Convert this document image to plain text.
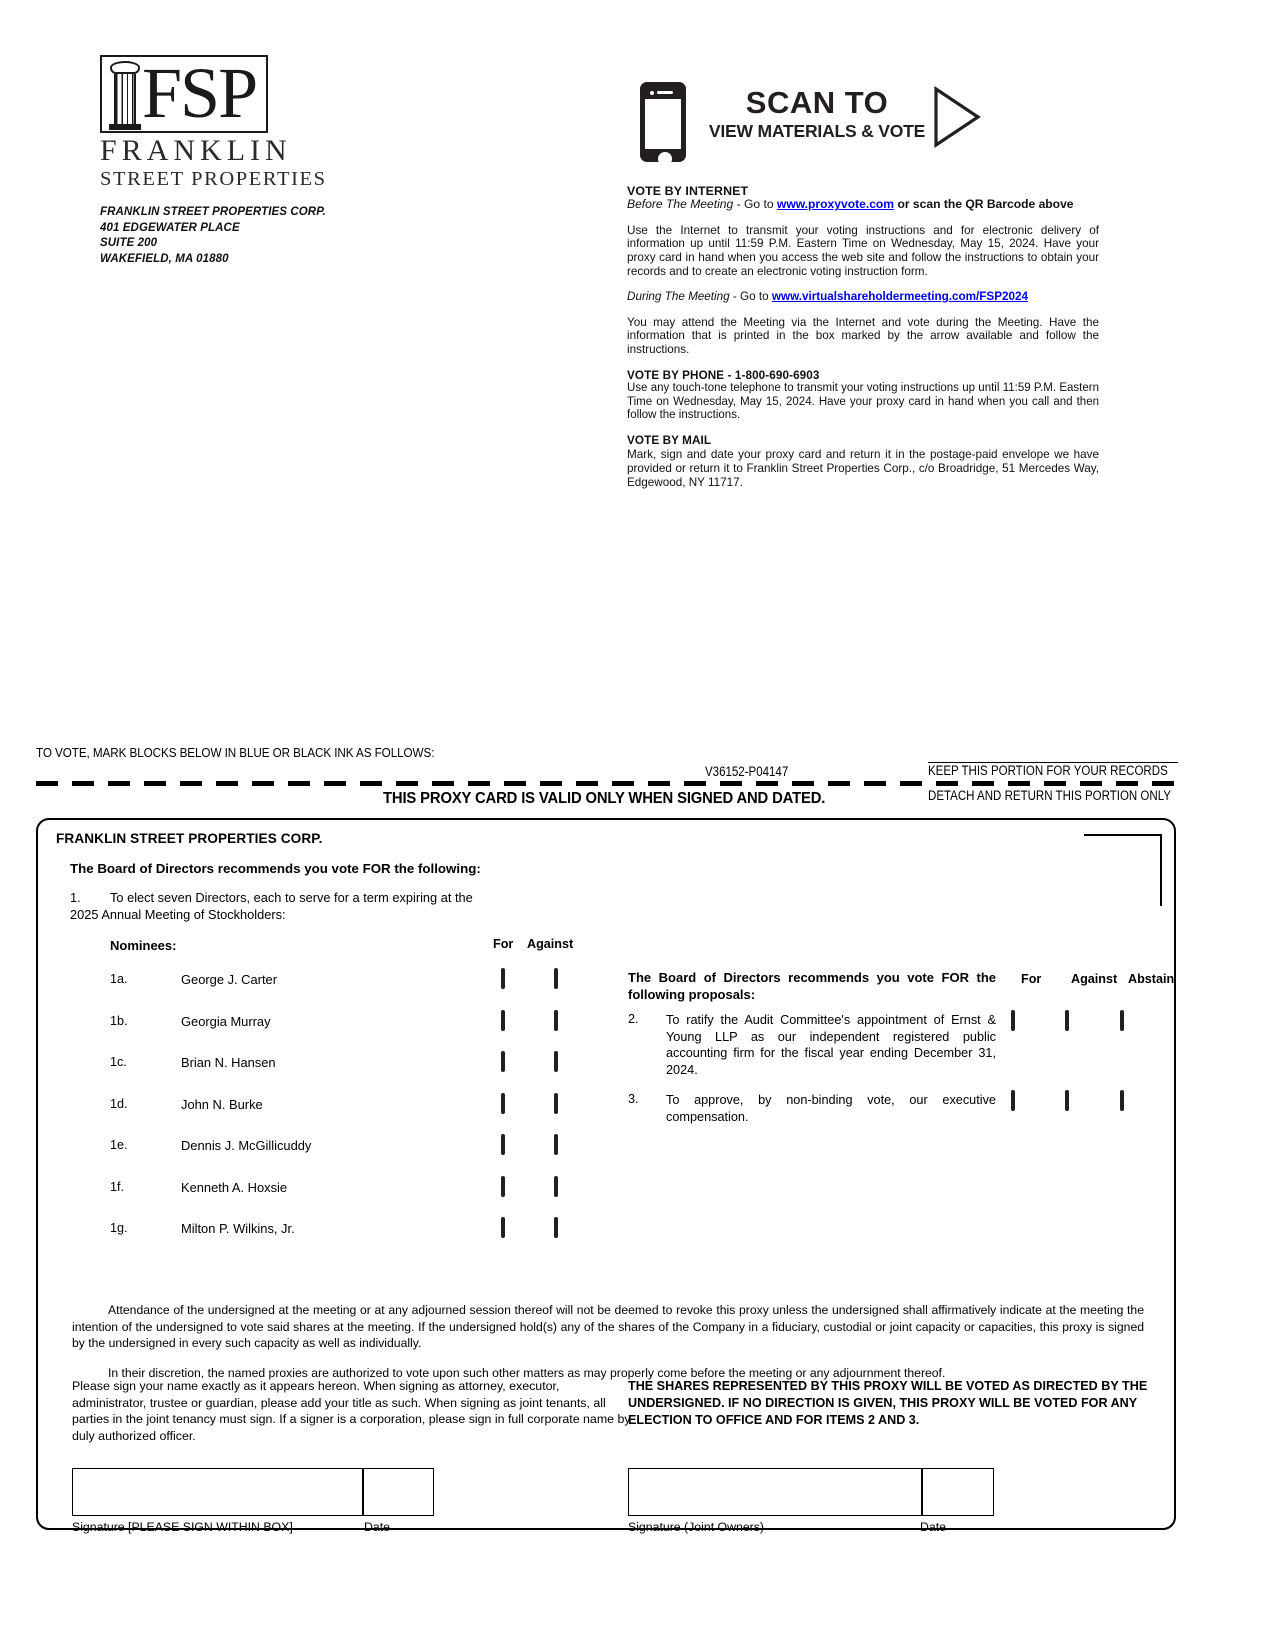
FSP
FRANKLIN
STREET PROPERTIES
FRANKLIN STREET PROPERTIES CORP.
401 EDGEWATER PLACE
SUITE 200
WAKEFIELD, MA 01880
SCAN TO
VIEW MATERIALS & VOTE
VOTE BY INTERNET
Before The Meeting - Go to www.proxyvote.com or scan the QR Barcode above
Use the Internet to transmit your voting instructions and for electronic delivery of information up until 11:59 P.M. Eastern Time on Wednesday, May 15, 2024. Have your proxy card in hand when you access the web site and follow the instructions to obtain your records and to create an electronic voting instruction form.
During The Meeting - Go to www.virtualshareholdermeeting.com/FSP2024
You may attend the Meeting via the Internet and vote during the Meeting. Have the information that is printed in the box marked by the arrow available and follow the instructions.
VOTE BY PHONE - 1-800-690-6903
Use any touch-tone telephone to transmit your voting instructions up until 11:59 P.M. Eastern Time on Wednesday, May 15, 2024. Have your proxy card in hand when you call and then follow the instructions.
VOTE BY MAIL
Mark, sign and date your proxy card and return it in the postage-paid envelope we have provided or return it to Franklin Street Properties Corp., c/o Broadridge, 51 Mercedes Way, Edgewood, NY 11717.
TO VOTE, MARK BLOCKS BELOW IN BLUE OR BLACK INK AS FOLLOWS:
V36152-P04147	KEEP THIS PORTION FOR YOUR RECORDS
THIS PROXY CARD IS VALID ONLY WHEN SIGNED AND DATED.	DETACH AND RETURN THIS PORTION ONLY
FRANKLIN STREET PROPERTIES CORP.
The Board of Directors recommends you vote FOR the following:
1. To elect seven Directors, each to serve for a term expiring at the 2025 Annual Meeting of Stockholders:
Nominees:	For Against
1a.	George J. Carter
1b.	Georgia Murray
1c.	Brian N. Hansen
1d.	John N. Burke
1e.	Dennis J. McGillicuddy
1f.	Kenneth A. Hoxsie
1g.	Milton P. Wilkins, Jr.
The Board of Directors recommends you vote FOR the following proposals:
For Against Abstain
2. To ratify the Audit Committee's appointment of Ernst & Young LLP as our independent registered public accounting firm for the fiscal year ending December 31, 2024.
3. To approve, by non-binding vote, our executive compensation.

Attendance of the undersigned at the meeting or at any adjourned session thereof will not be deemed to revoke this proxy unless the undersigned shall affirmatively indicate at the meeting the intention of the undersigned to vote said shares at the meeting. If the undersigned hold(s) any of the shares of the Company in a fiduciary, custodial or joint capacity or capacities, this proxy is signed by the undersigned in every such capacity as well as individually.

In their discretion, the named proxies are authorized to vote upon such other matters as may properly come before the meeting or any adjournment thereof.

Please sign your name exactly as it appears hereon. When signing as attorney, executor, administrator, trustee or guardian, please add your title as such. When signing as joint tenants, all parties in the joint tenancy must sign. If a signer is a corporation, please sign in full corporate name by duly authorized officer.
THE SHARES REPRESENTED BY THIS PROXY WILL BE VOTED AS DIRECTED BY THE UNDERSIGNED. IF NO DIRECTION IS GIVEN, THIS PROXY WILL BE VOTED FOR ANY ELECTION TO OFFICE AND FOR ITEMS 2 AND 3.
Signature [PLEASE SIGN WITHIN BOX]	Date	Signature (Joint Owners)	Date
